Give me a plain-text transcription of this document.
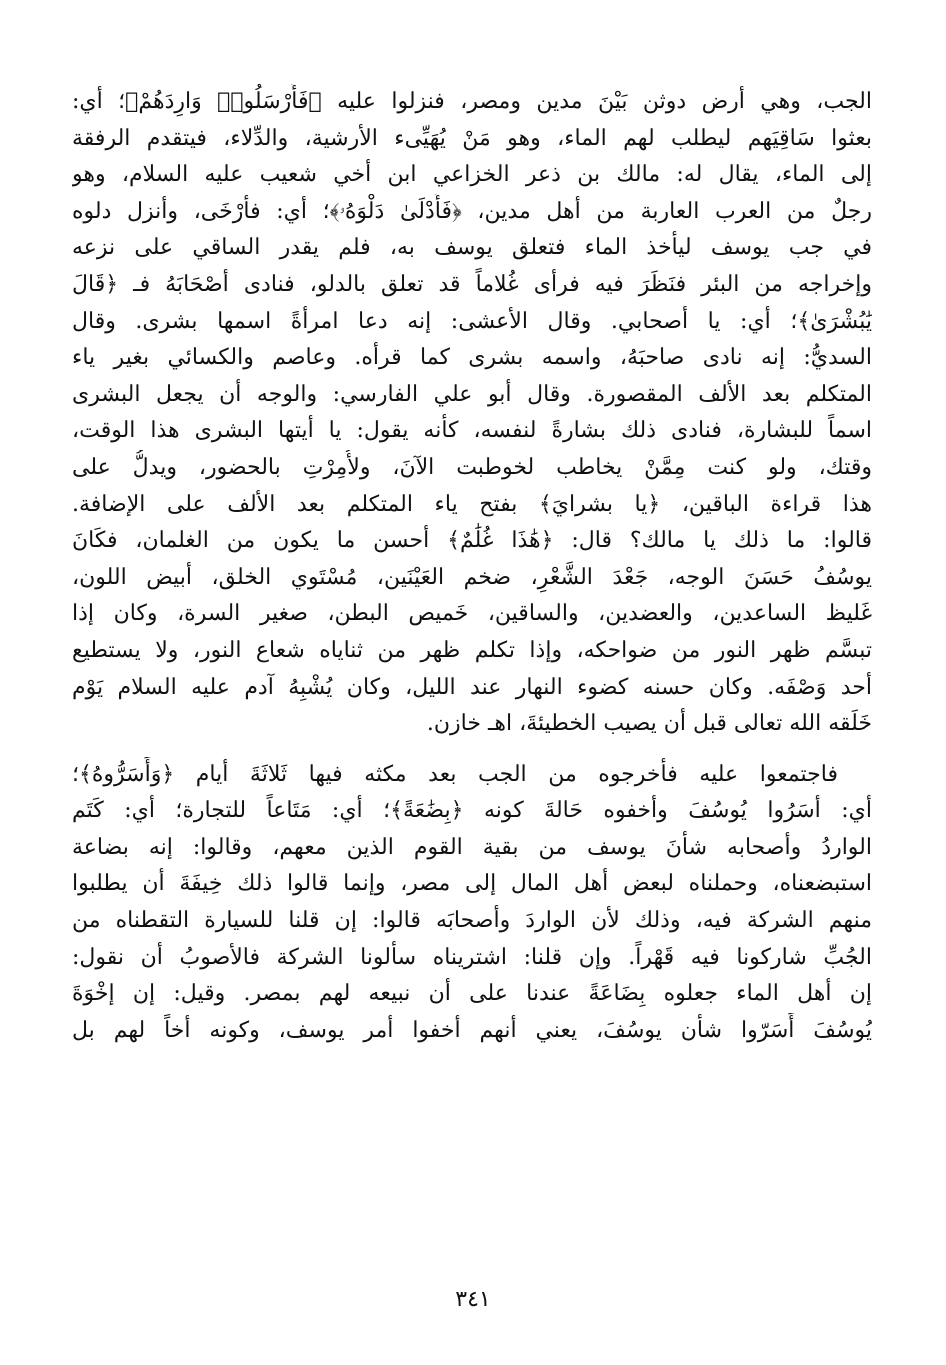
الجب، وهي أرض دوثن بَيْنَ مدين ومصر، فنزلوا عليه ﴿فَأَرْسَلُوا۟ وَارِدَهُمْ﴾؛ أي:
بعثوا سَاقِيَهم ليطلب لهم الماء، وهو مَنْ يُهَيِّىء الأرشية، والدِّلاء، فيتقدم الرفقة
إلى الماء، يقال له: مالك بن ذعر الخزاعي ابن أخي شعيب عليه السلام، وهو
رجلٌ من العرب العاربة من أهل مدين، ﴿فَأَدْلَىٰ دَلْوَهُۥ﴾؛ أي: فأرْخَى، وأنزل دلوه
في جب يوسف ليأخذ الماء فتعلق يوسف به، فلم يقدر الساقي على نزعه
وإخراجه من البئر فنَظَرَ فيه فرأى غُلاماً قد تعلق بالدلو، فنادى أصْحَابَهُ فـ ﴿قَالَ
يَٰبُشْرَىٰ﴾؛ أي: يا أصحابي. وقال الأعشى: إنه دعا امرأةً اسمها بشرى. وقال
السديُّ: إنه نادى صاحبَهُ، واسمه بشرى كما قرأه. وعاصم والكسائي بغير ياء
المتكلم بعد الألف المقصورة. وقال أبو علي الفارسي: والوجه أن يجعل البشرى
اسماً للبشارة، فنادى ذلك بشارةً لنفسه، كأنه يقول: يا أيتها البشرى هذا الوقت،
وقتك، ولو كنت مِمَّنْ يخاطب لخوطبت الآنَ، ولأُمِرْتِ بالحضور، ويدلُّ على
هذا قراءة الباقين، ﴿يا بشرايَ﴾ بفتح ياء المتكلم بعد الألف على الإضافة.
قالوا: ما ذلك يا مالك؟ قال: ﴿هَٰذَا غُلَٰمٌ﴾ أحسن ما يكون من الغلمان، فكَانَ
يوسُفُ حَسَنَ الوجه، جَعْدَ الشَّعْرِ، ضخم العَيْنَين، مُسْتَوي الخلق، أبيض اللون،
غَليظ الساعدين، والعضدين، والساقين، خَميص البطن، صغير السرة، وكان إذا
تبسَّم ظهر النور من ضواحكه، وإذا تكلم ظهر من ثناياه شعاع النور، ولا يستطيع
أحد وَصْفَه. وكان حسنه كضوء النهار عند الليل، وكان يُشْبِهُ آدم عليه السلام يَوْم
خَلَقه الله تعالى قبل أن يصيب الخطيئةَ، اهـ خازن.
فاجتمعوا عليه فأخرجوه من الجب بعد مكثه فيها ثَلاثَةَ أيام ﴿وَأَسَرُّوهُ﴾؛
أي: أسَرُوا يُوسُفَ وأخفوه حَالةَ كونه ﴿بِضَٰعَةً﴾؛ أي: مَتَاعاً للتجارة؛ أي: كَتَم
الواردُ وأصحابه شأنَ يوسف من بقية القوم الذين معهم، وقالوا: إنه بضاعة
استبضعناه، وحملناه لبعض أهل المال إلى مصر، وإنما قالوا ذلك خِيفَةَ أن يطلبوا
منهم الشركة فيه، وذلك لأن الواردَ وأصحابَه قالوا: إن قلنا للسيارة التقطناه من
الجُبِّ شاركونا فيه قَهْراً. وإن قلنا: اشتريناه سألونا الشركة فالأصوبُ أن نقول:
إن أهل الماء جعلوه بِضَاعَةً عندنا على أن نبيعه لهم بمصر. وقيل: إن إخْوَةَ
يُوسُفَ أَسَرّوا شأن يوسُفَ، يعني أنهم أخفوا أمر يوسف، وكونه أخاً لهم بل
٣٤١
